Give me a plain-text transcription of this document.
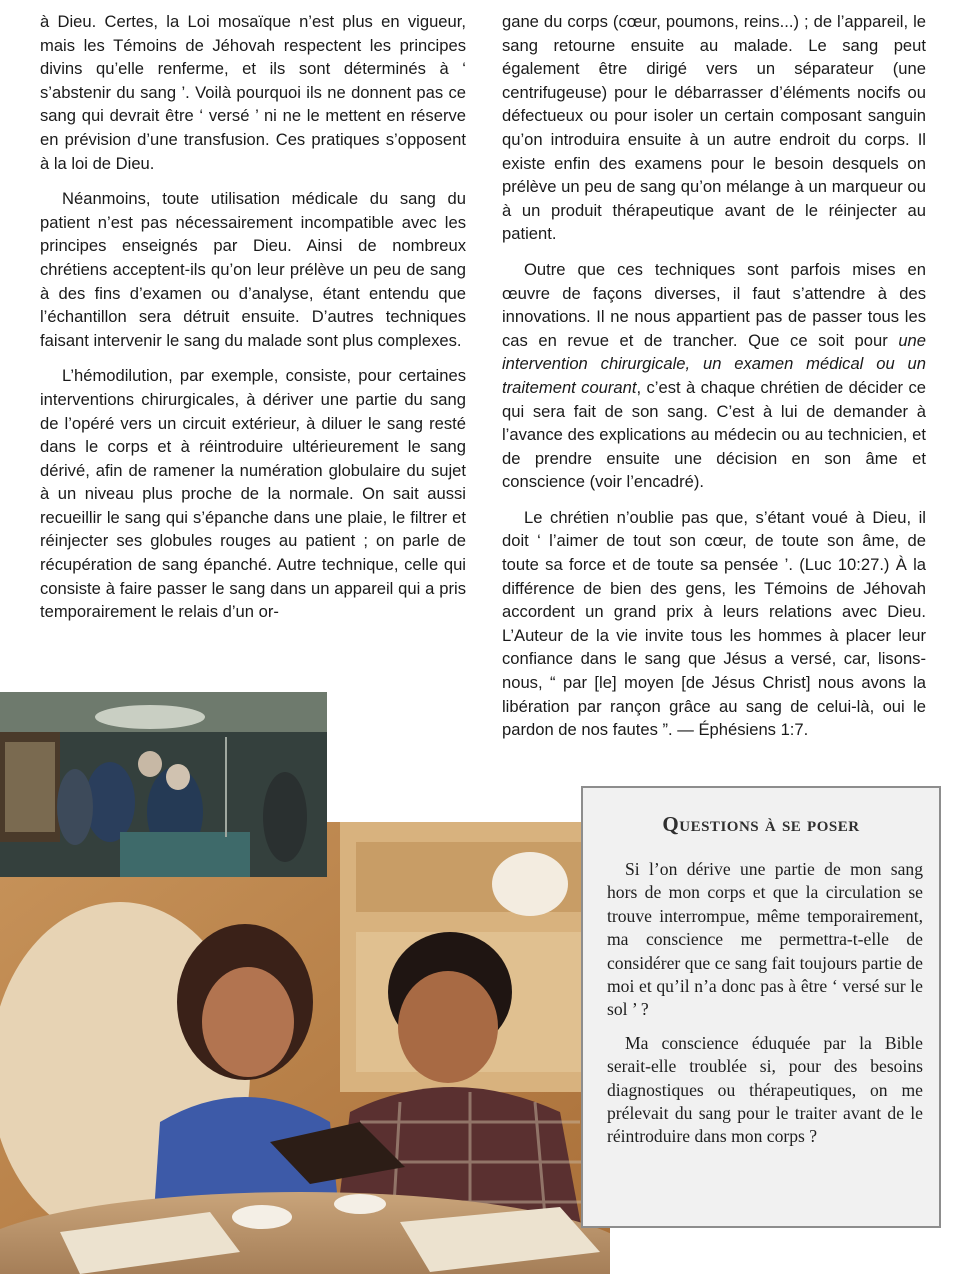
à Dieu. Certes, la Loi mosaïque n’est plus en vigueur, mais les Témoins de Jéhovah respectent les principes divins qu’elle renferme, et ils sont déterminés à ‘ s’abstenir du sang ’. Voilà pourquoi ils ne donnent pas ce sang qui devrait être ‘ versé ’ ni ne le mettent en réserve en prévision d’une transfusion. Ces pratiques s’opposent à la loi de Dieu.

Néanmoins, toute utilisation médicale du sang du patient n’est pas nécessairement incompatible avec les principes enseignés par Dieu. Ainsi de nombreux chrétiens acceptent-ils qu’on leur prélève un peu de sang à des fins d’examen ou d’analyse, étant entendu que l’échantillon sera détruit ensuite. D’autres techniques faisant intervenir le sang du malade sont plus complexes.

L’hémodilution, par exemple, consiste, pour certaines interventions chirurgicales, à dériver une partie du sang de l’opéré vers un circuit extérieur, à diluer le sang resté dans le corps et à réintroduire ultérieurement le sang dérivé, afin de ramener la numération globulaire du sujet à un niveau plus proche de la normale. On sait aussi recueillir le sang qui s’épanche dans une plaie, le filtrer et réinjecter ses globules rouges au patient ; on parle de récupération de sang épanché. Autre technique, celle qui consiste à faire passer le sang dans un appareil qui a pris temporairement le relais d’un or-

gane du corps (cœur, poumons, reins...) ; de l’appareil, le sang retourne ensuite au malade. Le sang peut également être dirigé vers un séparateur (une centrifugeuse) pour le débarrasser d’éléments nocifs ou défectueux ou pour isoler un certain composant sanguin qu’on introduira ensuite à un autre endroit du corps. Il existe enfin des examens pour le besoin desquels on prélève un peu de sang qu’on mélange à un marqueur ou à un produit thérapeutique avant de le réinjecter au patient.

Outre que ces techniques sont parfois mises en œuvre de façons diverses, il faut s’attendre à des innovations. Il ne nous appartient pas de passer tous les cas en revue et de trancher. Que ce soit pour une intervention chirurgicale, un examen médical ou un traitement courant, c’est à chaque chrétien de décider ce qui sera fait de son sang. C’est à lui de demander à l’avance des explications au médecin ou au technicien, et de prendre ensuite une décision en son âme et conscience (voir l’encadré).

Le chrétien n’oublie pas que, s’étant voué à Dieu, il doit ‘ l’aimer de tout son cœur, de toute son âme, de toute sa force et de toute sa pensée ’. (Luc 10:27.) À la différence de bien des gens, les Témoins de Jéhovah accordent un grand prix à leurs relations avec Dieu. L’Auteur de la vie invite tous les hommes à placer leur confiance dans le sang que Jésus a versé, car, lisons-nous, “ par [le] moyen [de Jésus Christ] nous avons la libération par rançon grâce au sang de celui-là, oui le pardon de nos fautes ”. — Éphésiens 1:7.

Questions à se poser

Si l’on dérive une partie de mon sang hors de mon corps et que la circulation se trouve interrompue, même temporairement, ma conscience me permettra-t-elle de considérer que ce sang fait toujours partie de moi et qu’il n’a donc pas à être ‘ versé sur le sol ’ ?

Ma conscience éduquée par la Bible serait-elle troublée si, pour des besoins diagnostiques ou thérapeutiques, on me prélevait du sang pour le traiter avant de le réintroduire dans mon corps ?
